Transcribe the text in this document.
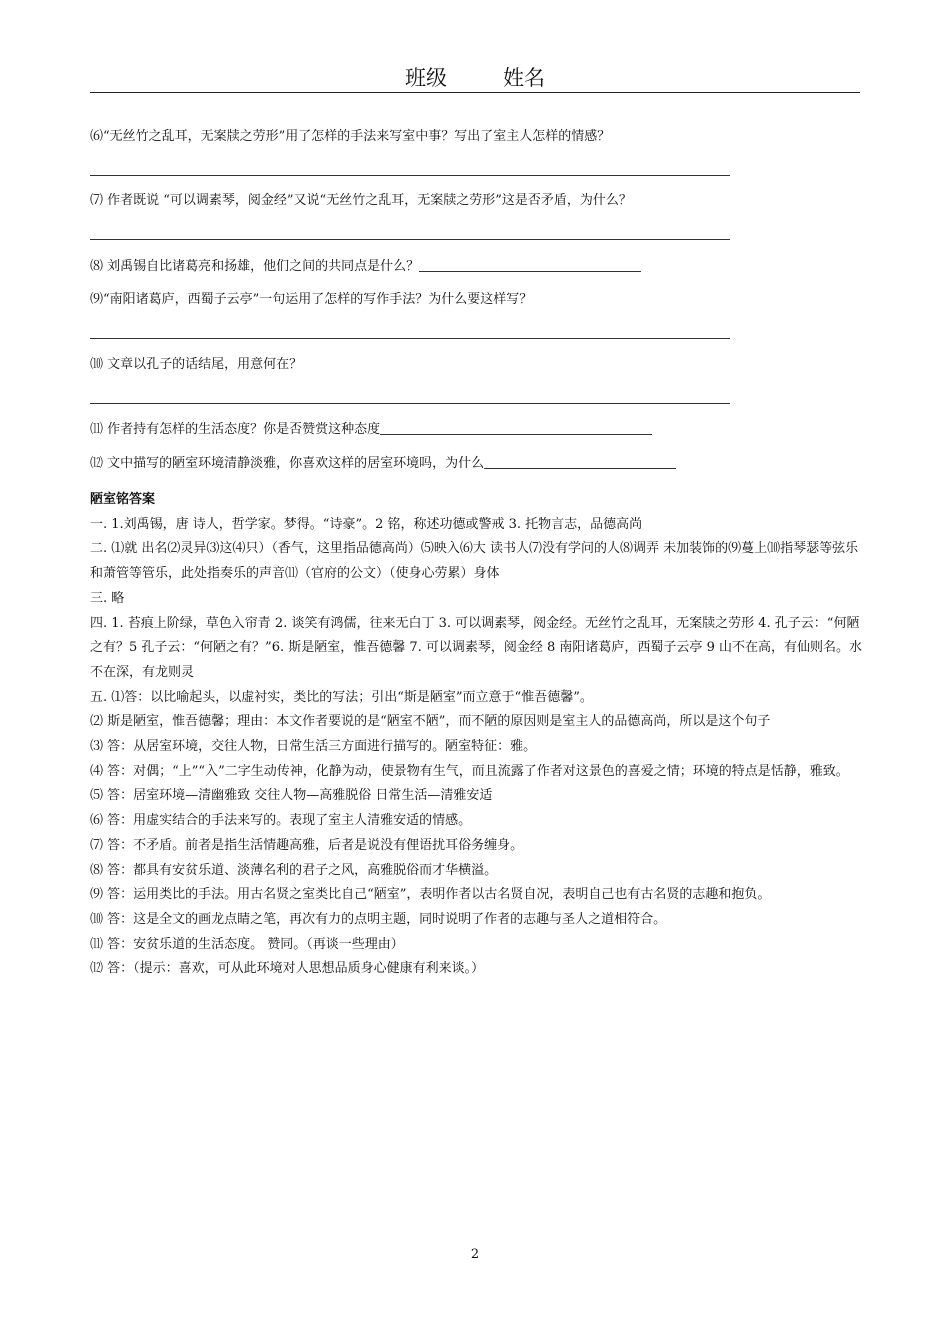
班级	姓名
⑹“无丝竹之乱耳，无案牍之劳形”用了怎样的手法来写室中事？写出了室主人怎样的情感？
⑺ 作者既说 “可以调素琴，阅金经”又说“无丝竹之乱耳，无案牍之劳形”这是否矛盾，为什么？
⑻ 刘禹锡自比诸葛亮和扬雄，他们之间的共同点是什么？
⑼“南阳诸葛庐，西蜀子云亭”一句运用了怎样的写作手法？为什么要这样写？
⑽ 文章以孔子的话结尾，用意何在？
⑾ 作者持有怎样的生活态度？你是否赞赏这种态度
⑿ 文中描写的陋室环境清静淡雅，你喜欢这样的居室环境吗，为什么

陋室铭答案

一. 1.刘禹锡，唐 诗人，哲学家。梦得。“诗豪”。2 铭，称述功德或警戒 3. 托物言志，品德高尚

二. ⑴就 出名⑵灵异⑶这⑷只）（香气，这里指品德高尚）⑸映入⑹大 读书人⑺没有学问的人⑻调弄 未加装饰的⑼蔓上⑽指琴瑟等弦乐和萧管等管乐，此处指奏乐的声音⑾（官府的公文）（使身心劳累）身体

三. 略

四. 1. 苔痕上阶绿，草色入帘青 2. 谈笑有鸿儒，往来无白丁 3. 可以调素琴，阅金经。无丝竹之乱耳，无案牍之劳形 4. 孔子云：“何陋之有？5 孔子云：“何陋之有？”6. 斯是陋室，惟吾德馨 7. 可以调素琴，阅金经 8 南阳诸葛庐，西蜀子云亭 9 山不在高，有仙则名。水不在深，有龙则灵

五. ⑴答：以比喻起头，以虚衬实，类比的写法；引出“斯是陋室”而立意于“惟吾德馨”。

⑵ 斯是陋室，惟吾德馨；理由：本文作者要说的是“陋室不陋”，而不陋的原因则是室主人的品德高尚，所以是这个句子

⑶ 答：从居室环境，交往人物，日常生活三方面进行描写的。陋室特征：雅。

⑷ 答：对偶；“上”“入”二字生动传神，化静为动，使景物有生气，而且流露了作者对这景色的喜爱之情；环境的特点是恬静，雅致。

⑸ 答：居室环境—清幽雅致 交往人物—高雅脱俗 日常生活—清雅安适

⑹ 答：用虚实结合的手法来写的。表现了室主人清雅安适的情感。

⑺ 答：不矛盾。前者是指生活情趣高雅，后者是说没有俚语扰耳俗务缠身。

⑻ 答：都具有安贫乐道、淡薄名利的君子之风，高雅脱俗而才华横溢。

⑼ 答：运用类比的手法。用古名贤之室类比自己“陋室”，表明作者以古名贤自况，表明自己也有古名贤的志趣和抱负。

⑽ 答：这是全文的画龙点睛之笔，再次有力的点明主题，同时说明了作者的志趣与圣人之道相符合。

⑾ 答：安贫乐道的生活态度。 赞同。（再谈一些理由）

⑿ 答：（提示：喜欢，可从此环境对人思想品质身心健康有利来谈。）

2
